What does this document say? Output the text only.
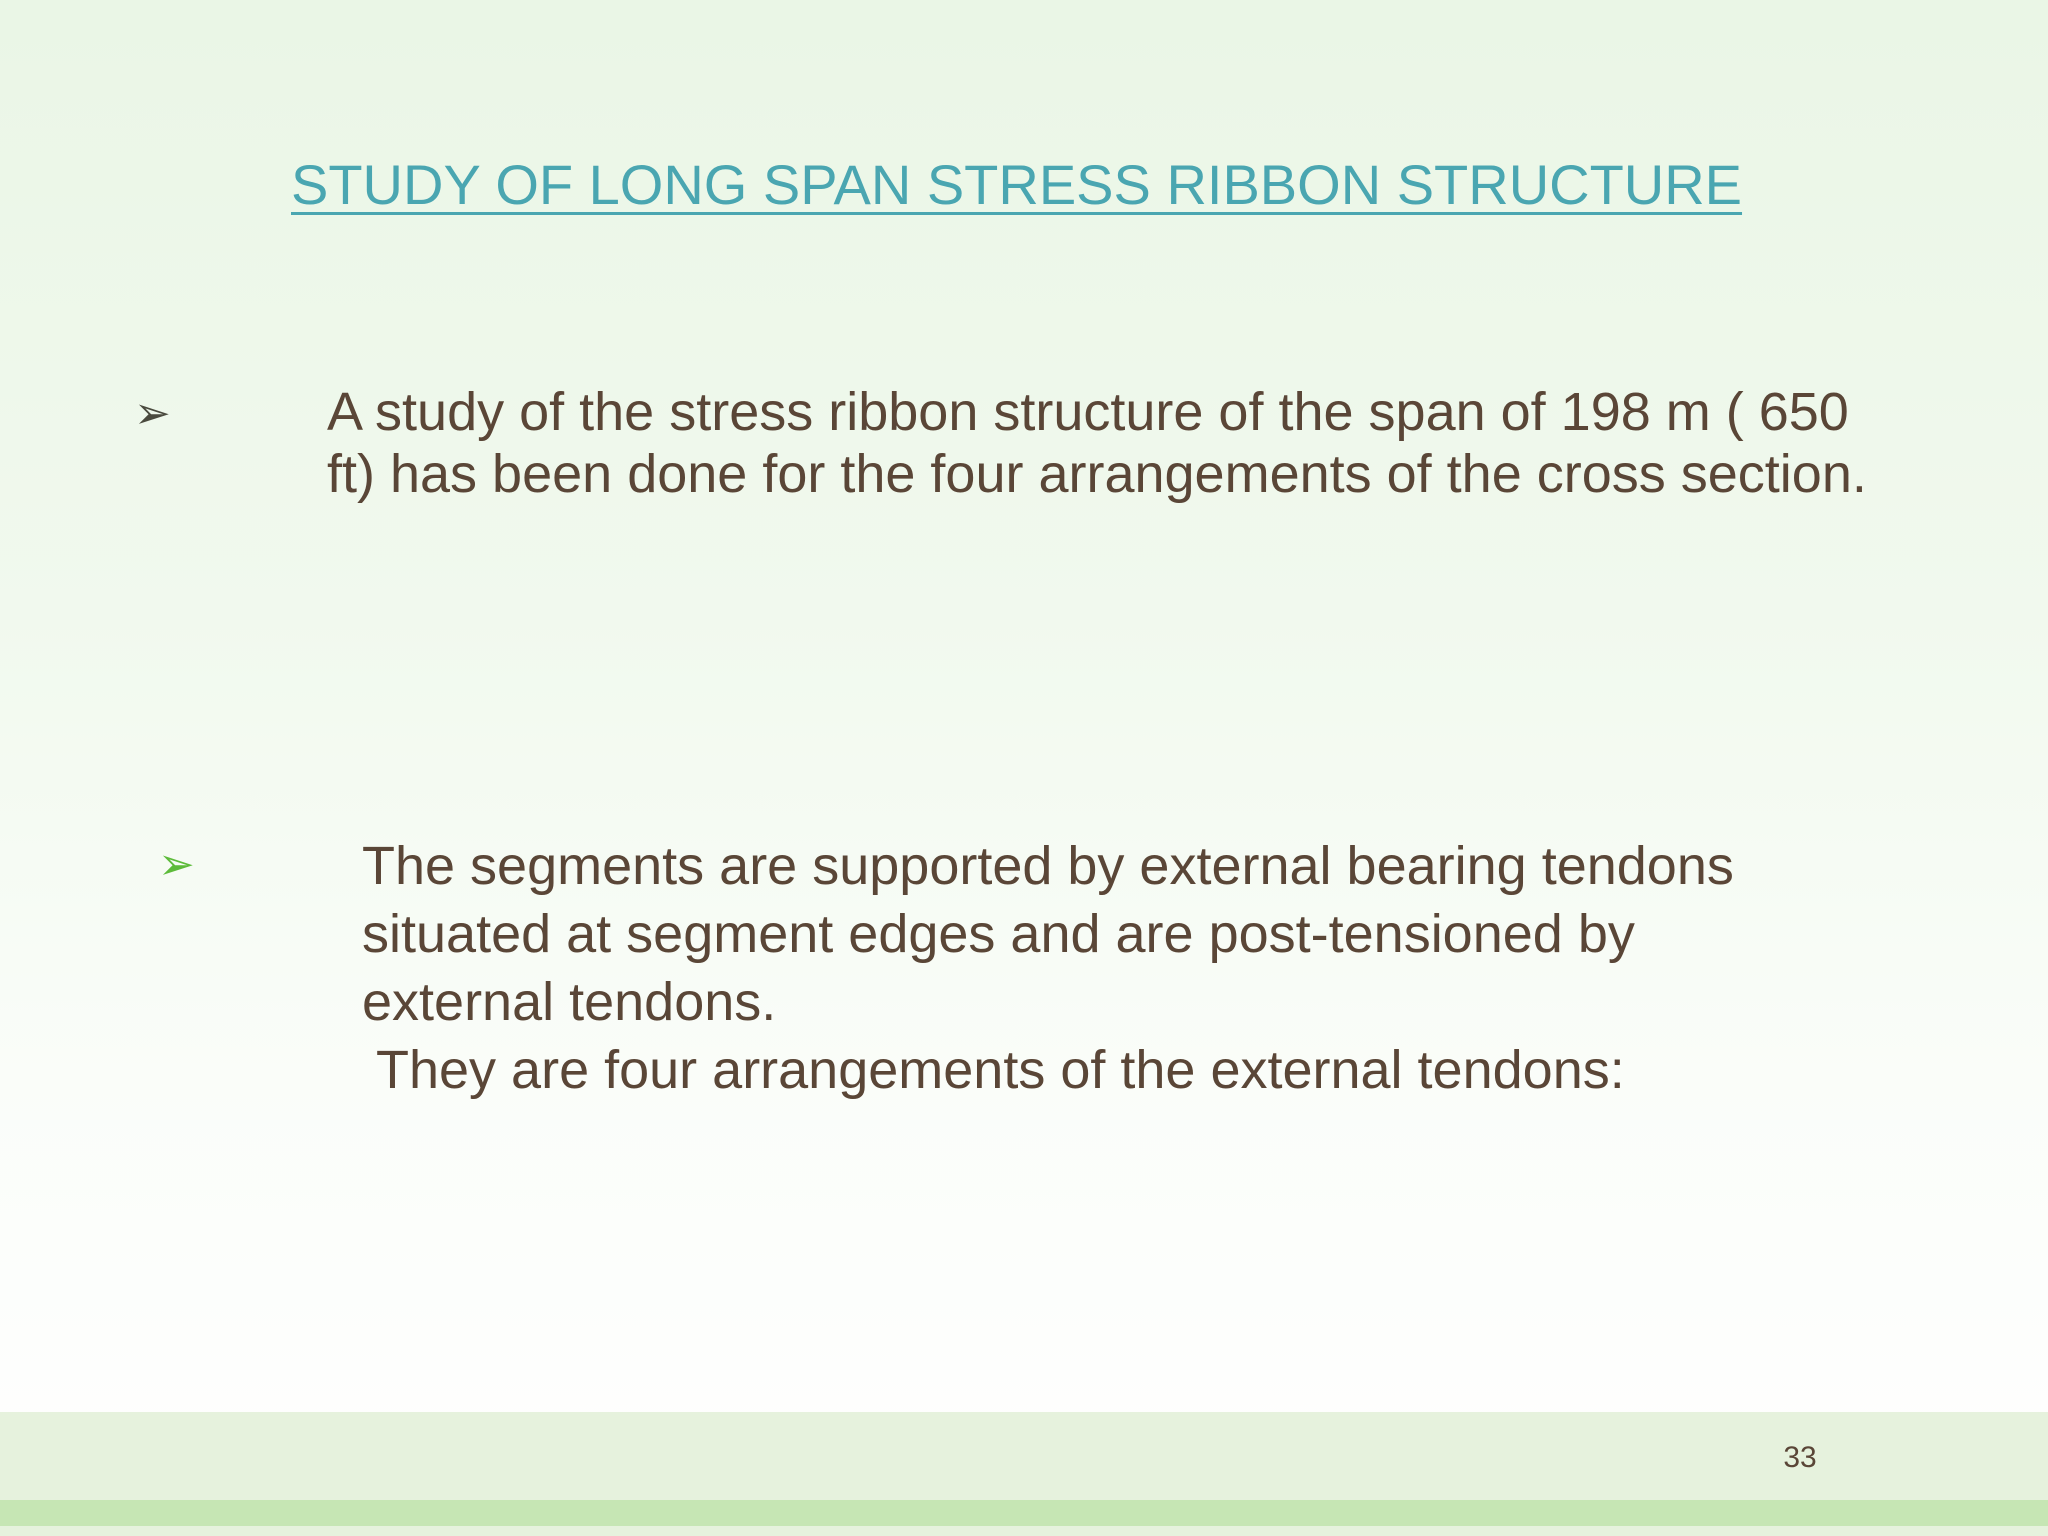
STUDY OF LONG SPAN STRESS RIBBON STRUCTURE
➢	A study of the stress ribbon structure of the span of 198 m ( 650 ft) has been done for the four arrangements of the cross section.
➢	The segments are supported by external bearing tendons
situated at segment edges and are post-tensioned by
external tendons.
They are four arrangements of the external tendons:
33
